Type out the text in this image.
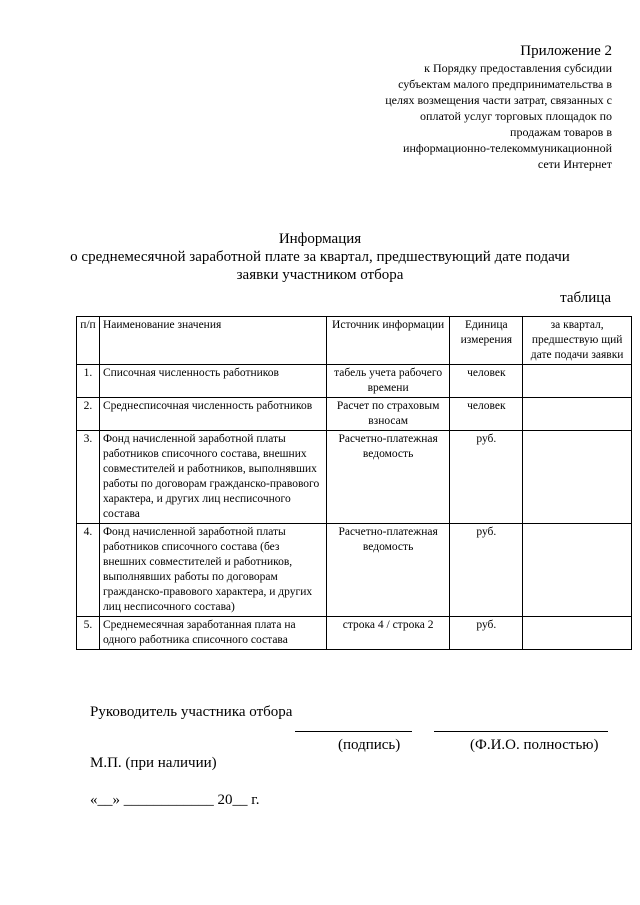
Приложение 2
к Порядку предоставления субсидии
субъектам малого предпринимательства в
целях возмещения части затрат, связанных с
оплатой услуг торговых площадок по
продажам товаров в
информационно-телекоммуникационной
сети Интернет
Информация
о среднемесячной заработной плате за квартал, предшествующий дате подачи
заявки участником отбора
таблица
п/п	Наименование значения	Источник информации	Единица измерения	за квартал, предшествую щий дате подачи заявки
1.	Списочная численность работников	табель учета рабочего времени	человек	
2.	Среднесписочная численность работников	Расчет по страховым взносам	человек	
3.	Фонд начисленной заработной платы работников списочного состава, внешних совместителей и работников, выполнявших работы по договорам гражданско-правового характера, и других лиц несписочного состава	Расчетно-платежная ведомость	руб.	
4.	Фонд начисленной заработной платы работников списочного состава (без внешних совместителей и работников, выполнявших работы по договорам гражданско-правового характера, и других лиц несписочного состава)	Расчетно-платежная ведомость	руб.	
5.	Среднемесячная заработанная плата на одного работника списочного состава	строка 4 / строка 2	руб.	
Руководитель участника отбора
(подпись)	(Ф.И.О. полностью)
М.П. (при наличии)
«__» ____________ 20__ г.
